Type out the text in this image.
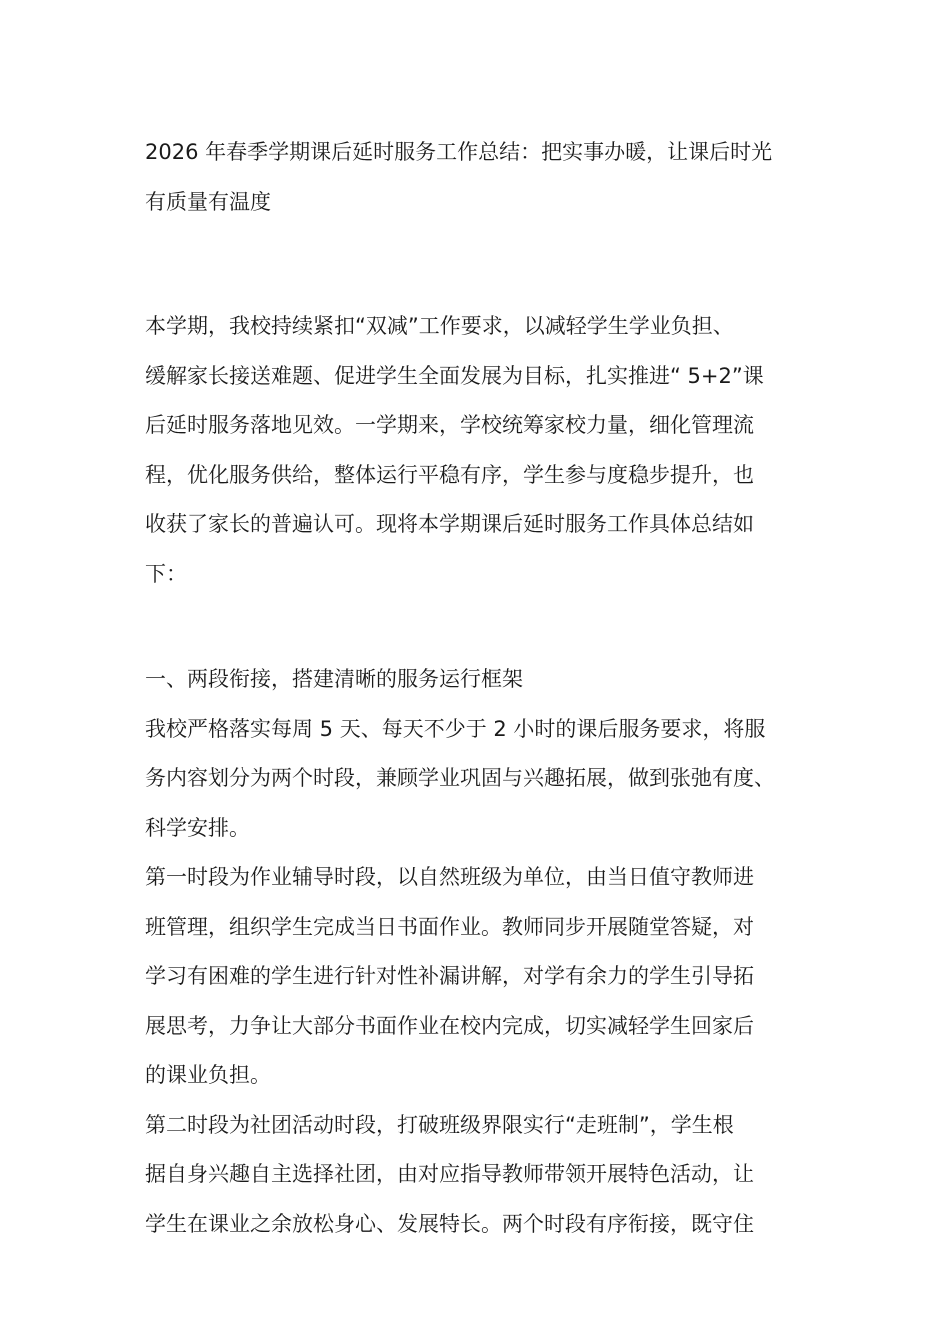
2026 年春季学期课后延时服务工作总结：把实事办暖，让课后时光
有质量有温度

本学期，我校持续紧扣“双减”工作要求，以减轻学生学业负担、
缓解家长接送难题、促进学生全面发展为目标，扎实推进“ 5+2”课
后延时服务落地见效。一学期来，学校统筹家校力量，细化管理流
程，优化服务供给，整体运行平稳有序，学生参与度稳步提升，也
收获了家长的普遍认可。现将本学期课后延时服务工作具体总结如
下：

一、两段衔接，搭建清晰的服务运行框架

我校严格落实每周 5 天、每天不少于 2 小时的课后服务要求，将服
务内容划分为两个时段，兼顾学业巩固与兴趣拓展，做到张弛有度、
科学安排。

第一时段为作业辅导时段，以自然班级为单位，由当日值守教师进
班管理，组织学生完成当日书面作业。教师同步开展随堂答疑，对
学习有困难的学生进行针对性补漏讲解，对学有余力的学生引导拓
展思考，力争让大部分书面作业在校内完成，切实减轻学生回家后
的课业负担。

第二时段为社团活动时段，打破班级界限实行“走班制”，学生根
据自身兴趣自主选择社团，由对应指导教师带领开展特色活动，让
学生在课业之余放松身心、发展特长。两个时段有序衔接，既守住
